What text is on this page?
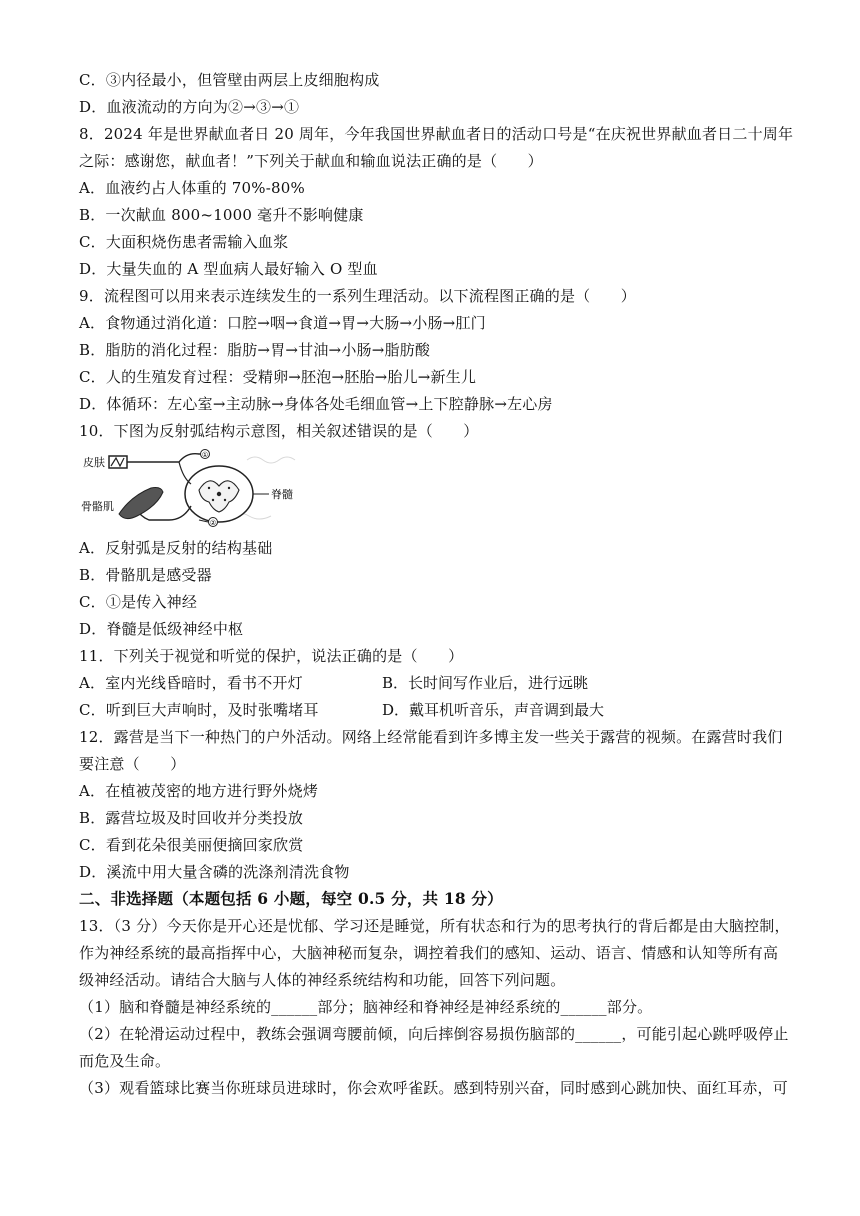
C．③内径最小，但管壁由两层上皮细胞构成
D．血液流动的方向为②→③→①
8．2024 年是世界献血者日 20 周年，今年我国世界献血者日的活动口号是“在庆祝世界献血者日二十周年
之际：感谢您，献血者！”下列关于献血和输血说法正确的是（　　）
A．血液约占人体重的 70%-80%
B．一次献血 800~1000 毫升不影响健康
C．大面积烧伤患者需输入血浆
D．大量失血的 A 型血病人最好输入 O 型血
9．流程图可以用来表示连续发生的一系列生理活动。以下流程图正确的是（　　）
A．食物通过消化道：口腔→咽→食道→胃→大肠→小肠→肛门
B．脂肪的消化过程：脂肪→胃→甘油→小肠→脂肪酸
C．人的生殖发育过程：受精卵→胚泡→胚胎→胎儿→新生儿
D．体循环：左心室→主动脉→身体各处毛细血管→上下腔静脉→左心房
10．下图为反射弧结构示意图，相关叙述错误的是（　　）
皮肤
①
脊髓
②
骨骼肌
A．反射弧是反射的结构基础
B．骨骼肌是感受器
C．①是传入神经
D．脊髓是低级神经中枢
11．下列关于视觉和听觉的保护，说法正确的是（　　）
A．室内光线昏暗时，看书不开灯	B．长时间写作业后，进行远眺
C．听到巨大声响时，及时张嘴堵耳	D．戴耳机听音乐，声音调到最大
12．露营是当下一种热门的户外活动。网络上经常能看到许多博主发一些关于露营的视频。在露营时我们
要注意（　　）
A．在植被茂密的地方进行野外烧烤
B．露营垃圾及时回收并分类投放
C．看到花朵很美丽便摘回家欣赏
D．溪流中用大量含磷的洗涤剂清洗食物
二、非选择题（本题包括 6 小题，每空 0.5 分，共 18 分）
13．（3 分）今天你是开心还是忧郁、学习还是睡觉，所有状态和行为的思考执行的背后都是由大脑控制，
作为神经系统的最高指挥中心，大脑神秘而复杂，调控着我们的感知、运动、语言、情感和认知等所有高
级神经活动。请结合大脑与人体的神经系统结构和功能，回答下列问题。
（1）脑和脊髓是神经系统的______部分；脑神经和脊神经是神经系统的______部分。
（2）在轮滑运动过程中，教练会强调弯腰前倾，向后摔倒容易损伤脑部的______，可能引起心跳呼吸停止
而危及生命。
（3）观看篮球比赛当你班球员进球时，你会欢呼雀跃。感到特别兴奋，同时感到心跳加快、面红耳赤，可
